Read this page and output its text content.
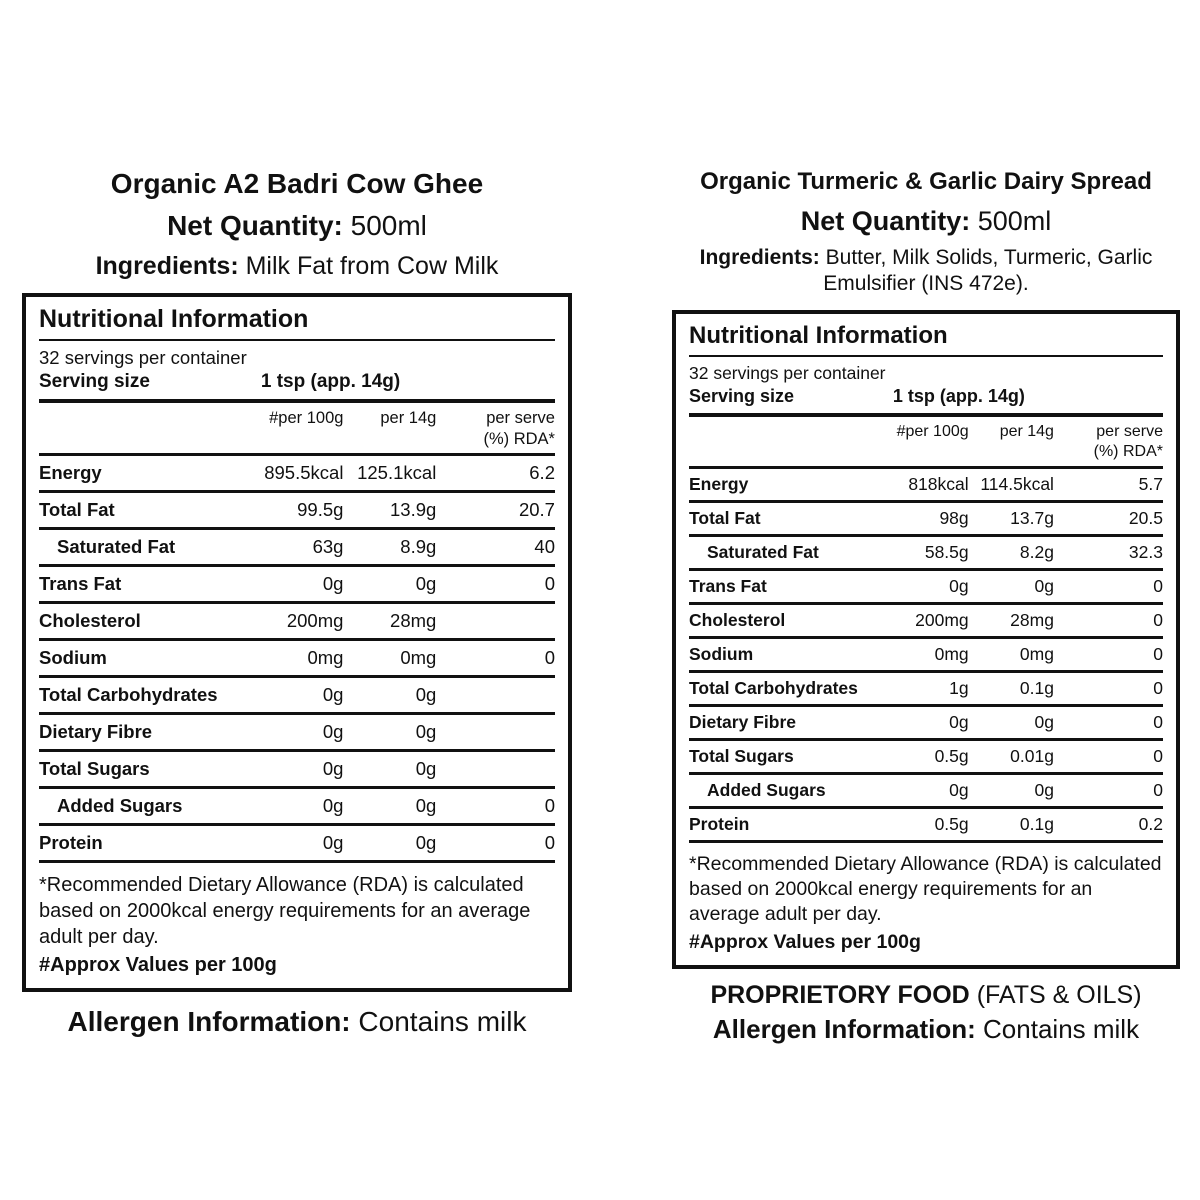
Organic A2 Badri Cow Ghee
Net Quantity: 500ml
Ingredients: Milk Fat from Cow Milk
Nutritional Information
32 servings per container
Serving size	1 tsp (app. 14g)
#per 100g	per 14g	per serve
(%) RDA*
Energy	895.5kcal 125.1kcal	6.2
Total Fat	99.5g	13.9g	20.7
Saturated Fat	63g	8.9g	40
Trans Fat	0g	0g	0
Cholesterol	200mg	28mg
Sodium	0mg	0mg	0
Total Carbohydrates	0g	0g
Dietary Fibre	0g	0g
Total Sugars	0g	0g
Added Sugars	0g	0g	0
Protein	0g	0g	0
*Recommended Dietary Allowance (RDA) is calculated based on 2000kcal energy requirements for an average adult per day.
#Approx Values per 100g
Allergen Information: Contains milk
Organic Turmeric & Garlic Dairy Spread
Net Quantity: 500ml
Ingredients: Butter, Milk Solids, Turmeric, Garlic
Emulsifier (INS 472e).
Nutritional Information
32 servings per container
Serving size	1 tsp (app. 14g)
#per 100g	per 14g	per serve
(%) RDA*
Energy	818kcal 114.5kcal	5.7
Total Fat	98g	13.7g	20.5
Saturated Fat	58.5g	8.2g	32.3
Trans Fat	0g	0g	0
Cholesterol	200mg	28mg	0
Sodium	0mg	0mg	0
Total Carbohydrates	1g	0.1g	0
Dietary Fibre	0g	0g	0
Total Sugars	0.5g	0.01g	0
Added Sugars	0g	0g	0
Protein	0.5g	0.1g	0.2
*Recommended Dietary Allowance (RDA) is calculated based on 2000kcal energy requirements for an average adult per day.
#Approx Values per 100g
PROPRIETORY FOOD (FATS & OILS)
Allergen Information: Contains milk
